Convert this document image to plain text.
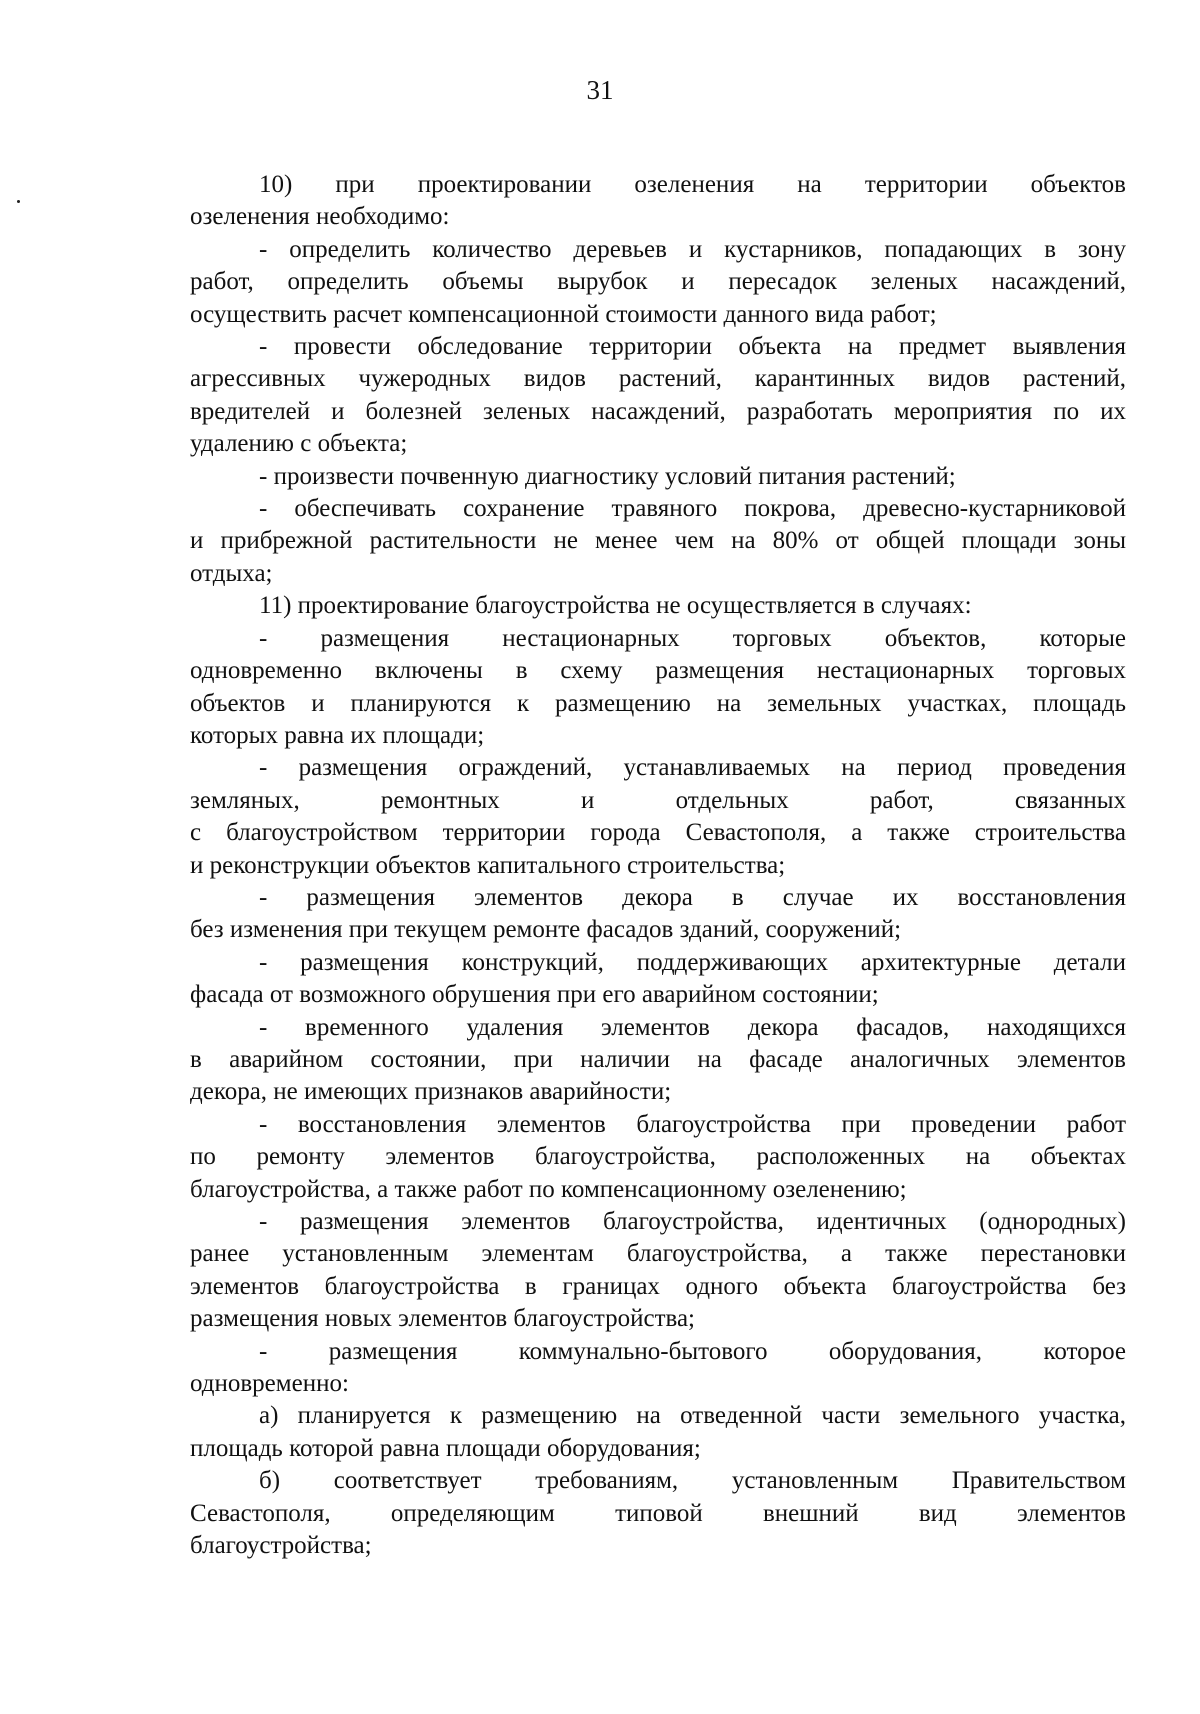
31
10) при проектировании озеленения на территории объектов
озеленения необходимо:
- определить количество деревьев и кустарников, попадающих в зону
работ, определить объемы вырубок и пересадок зеленых насаждений,
осуществить расчет компенсационной стоимости данного вида работ;
- провести обследование территории объекта на предмет выявления
агрессивных чужеродных видов растений, карантинных видов растений,
вредителей и болезней зеленых насаждений, разработать мероприятия по их
удалению с объекта;
- произвести почвенную диагностику условий питания растений;
- обеспечивать сохранение травяного покрова, древесно-кустарниковой
и прибрежной растительности не менее чем на 80% от общей площади зоны
отдыха;
11) проектирование благоустройства не осуществляется в случаях:
- размещения нестационарных торговых объектов, которые
одновременно включены в схему размещения нестационарных торговых
объектов и планируются к размещению на земельных участках, площадь
которых равна их площади;
- размещения ограждений, устанавливаемых на период проведения
земляных, ремонтных и отдельных работ, связанных
с благоустройством территории города Севастополя, а также строительства
и реконструкции объектов капитального строительства;
- размещения элементов декора в случае их восстановления
без изменения при текущем ремонте фасадов зданий, сооружений;
- размещения конструкций, поддерживающих архитектурные детали
фасада от возможного обрушения при его аварийном состоянии;
- временного удаления элементов декора фасадов, находящихся
в аварийном состоянии, при наличии на фасаде аналогичных элементов
декора, не имеющих признаков аварийности;
- восстановления элементов благоустройства при проведении работ
по ремонту элементов благоустройства, расположенных на объектах
благоустройства, а также работ по компенсационному озеленению;
- размещения элементов благоустройства, идентичных (однородных)
ранее установленным элементам благоустройства, а также перестановки
элементов благоустройства в границах одного объекта благоустройства без
размещения новых элементов благоустройства;
- размещения коммунально-бытового оборудования, которое
одновременно:
а) планируется к размещению на отведенной части земельного участка,
площадь которой равна площади оборудования;
б) соответствует требованиям, установленным Правительством
Севастополя, определяющим типовой внешний вид элементов
благоустройства;
